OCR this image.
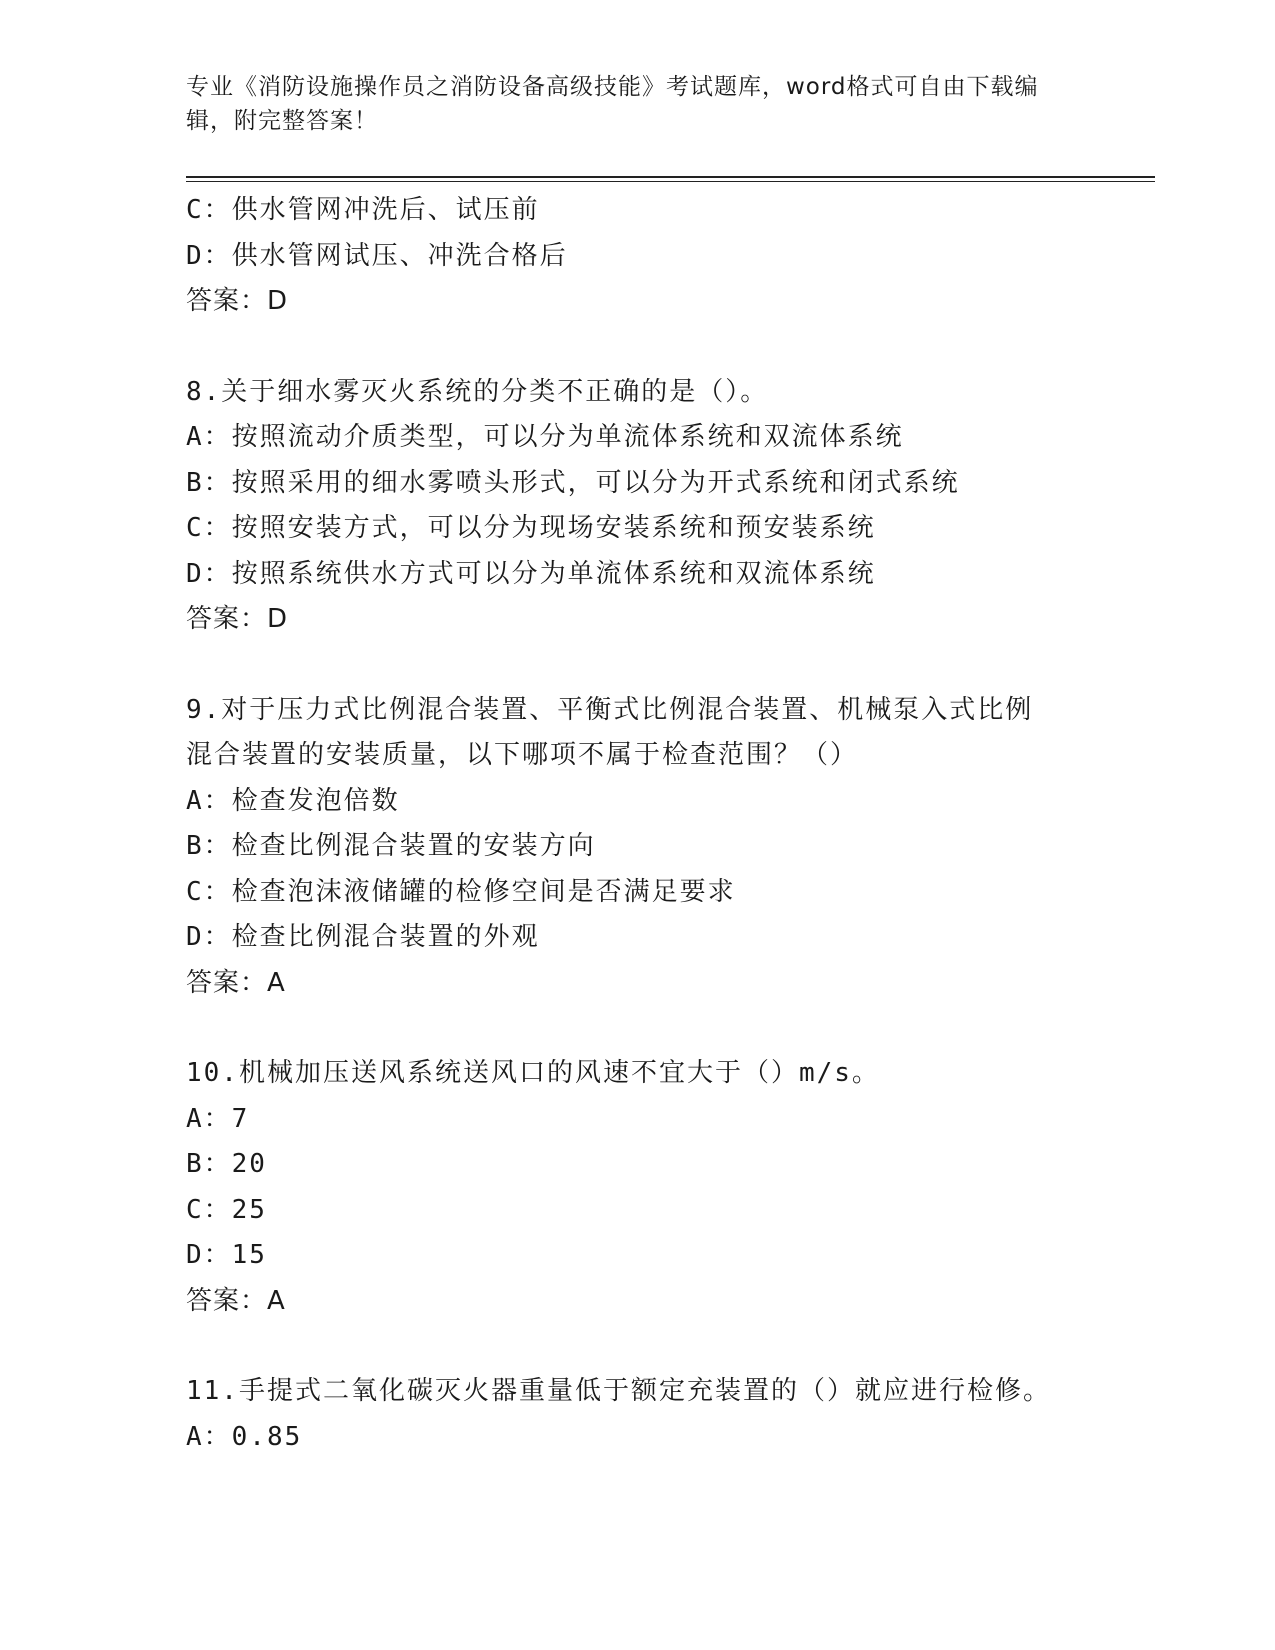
专业《消防设施操作员之消防设备高级技能》考试题库，word格式可自由下载编辑，附完整答案！
C：供水管网冲洗后、试压前
D：供水管网试压、冲洗合格后
答案：D
8.关于细水雾灭火系统的分类不正确的是（）。
A：按照流动介质类型，可以分为单流体系统和双流体系统
B：按照采用的细水雾喷头形式，可以分为开式系统和闭式系统
C：按照安装方式，可以分为现场安装系统和预安装系统
D：按照系统供水方式可以分为单流体系统和双流体系统
答案：D
9.对于压力式比例混合装置、平衡式比例混合装置、机械泵入式比例混合装置的安装质量，以下哪项不属于检查范围？（）
A：检查发泡倍数
B：检查比例混合装置的安装方向
C：检查泡沫液储罐的检修空间是否满足要求
D：检查比例混合装置的外观
答案：A
10.机械加压送风系统送风口的风速不宜大于（）m/s。
A：7
B：20
C：25
D：15
答案：A
11.手提式二氧化碳灭火器重量低于额定充装置的（）就应进行检修。
A：0.85
